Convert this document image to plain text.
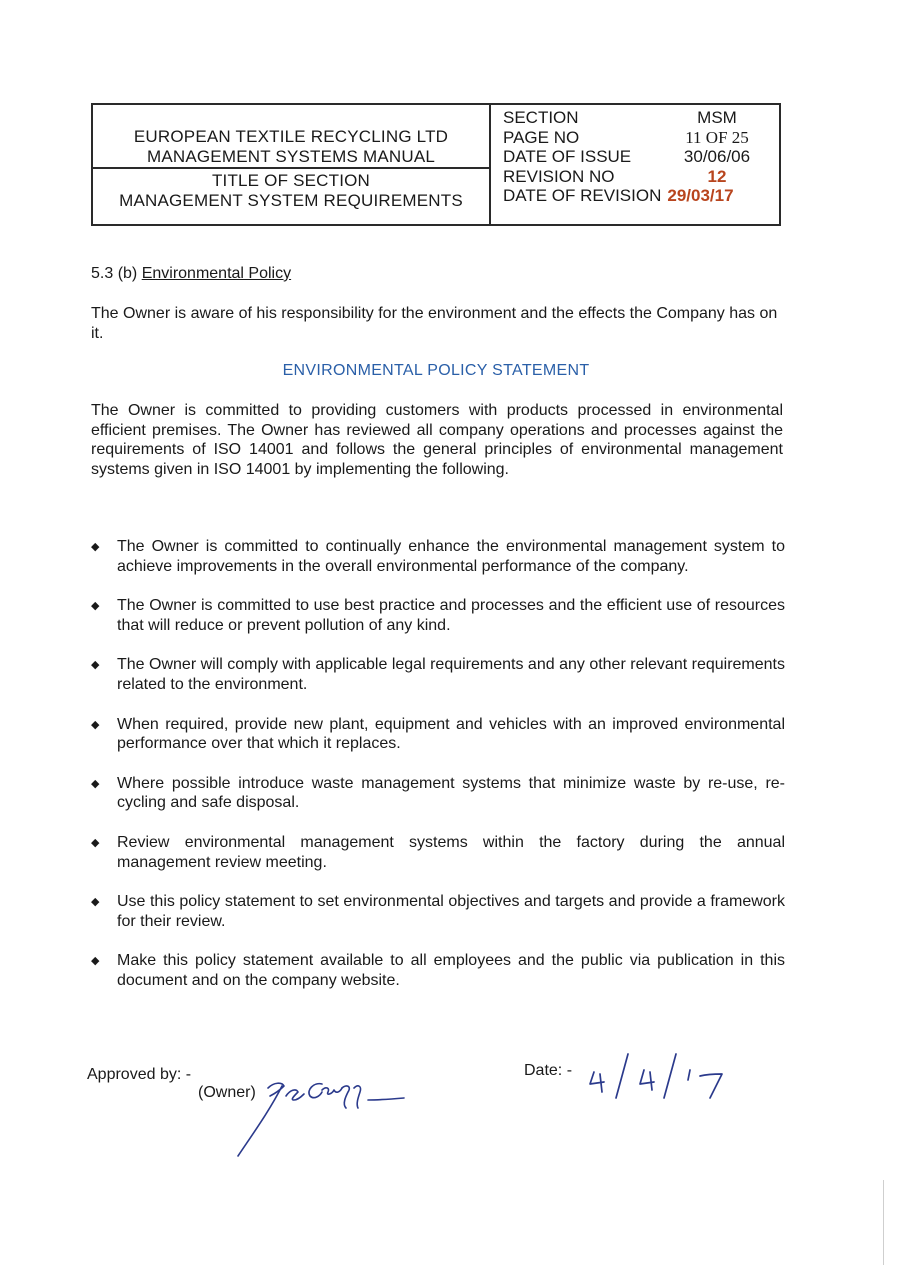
EUROPEAN TEXTILE RECYCLING LTD
MANAGEMENT SYSTEMS MANUAL
TITLE OF SECTION
MANAGEMENT SYSTEM REQUIREMENTS
SECTION	MSM
PAGE NO	11 OF 25
DATE OF ISSUE	30/06/06
REVISION NO	12
DATE OF REVISION 29/03/17
5.3 (b) Environmental Policy
The Owner is aware of his responsibility for the environment and the effects the Company has on it.
ENVIRONMENTAL POLICY STATEMENT
The Owner is committed to providing customers with products processed in environmental efficient premises. The Owner has reviewed all company operations and processes against the requirements of ISO 14001 and follows the general principles of environmental management systems given in ISO 14001 by implementing the following.
◆ The Owner is committed to continually enhance the environmental management system to achieve improvements in the overall environmental performance of the company.
◆ The Owner is committed to use best practice and processes and the efficient use of resources that will reduce or prevent pollution of any kind.
◆ The Owner will comply with applicable legal requirements and any other relevant requirements related to the environment.
◆ When required, provide new plant, equipment and vehicles with an improved environmental performance over that which it replaces.
◆ Where possible introduce waste management systems that minimize waste by re-use, re-cycling and safe disposal.
◆ Review environmental management systems within the factory during the annual management review meeting.
◆ Use this policy statement to set environmental objectives and targets and provide a framework for their review.
◆ Make this policy statement available to all employees and the public via publication in this document and on the company website.
Approved by: -
(Owner)
Date: -
